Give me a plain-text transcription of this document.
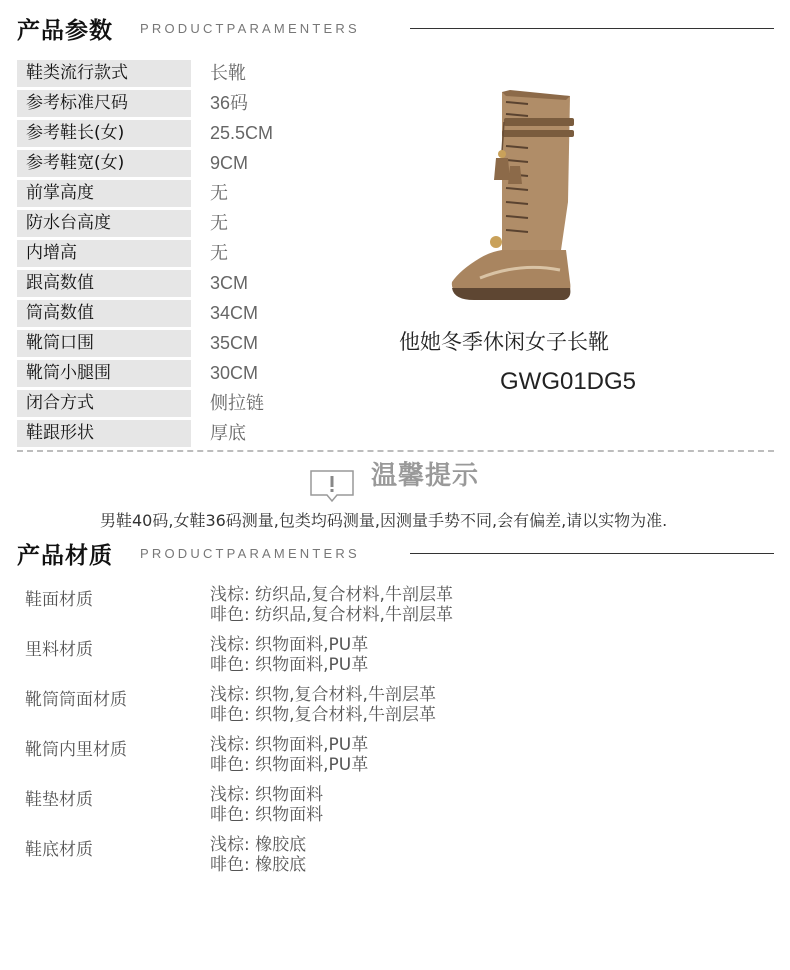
产品参数 PRODUCTPARAMENTERS
鞋类流行款式	长靴
参考标准尺码	36码
参考鞋长(女)	25.5CM
参考鞋宽(女)	9CM
前掌高度	无
防水台高度	无
内增高	无
跟高数值	3CM
筒高数值	34CM
靴筒口围	35CM
靴筒小腿围	30CM
闭合方式	侧拉链
鞋跟形状	厚底
他她冬季休闲女子长靴
GWG01DG5
温馨提示
男鞋40码,女鞋36码测量,包类均码测量,因测量手势不同,会有偏差,请以实物为准.
产品材质 PRODUCTPARAMENTERS
鞋面材质	浅棕: 纺织品,复合材料,牛剖层革
啡色: 纺织品,复合材料,牛剖层革
里料材质	浅棕: 织物面料,PU革
啡色: 织物面料,PU革
靴筒筒面材质	浅棕: 织物,复合材料,牛剖层革
啡色: 织物,复合材料,牛剖层革
靴筒内里材质	浅棕: 织物面料,PU革
啡色: 织物面料,PU革
鞋垫材质	浅棕: 织物面料
啡色: 织物面料
鞋底材质	浅棕: 橡胶底
啡色: 橡胶底
